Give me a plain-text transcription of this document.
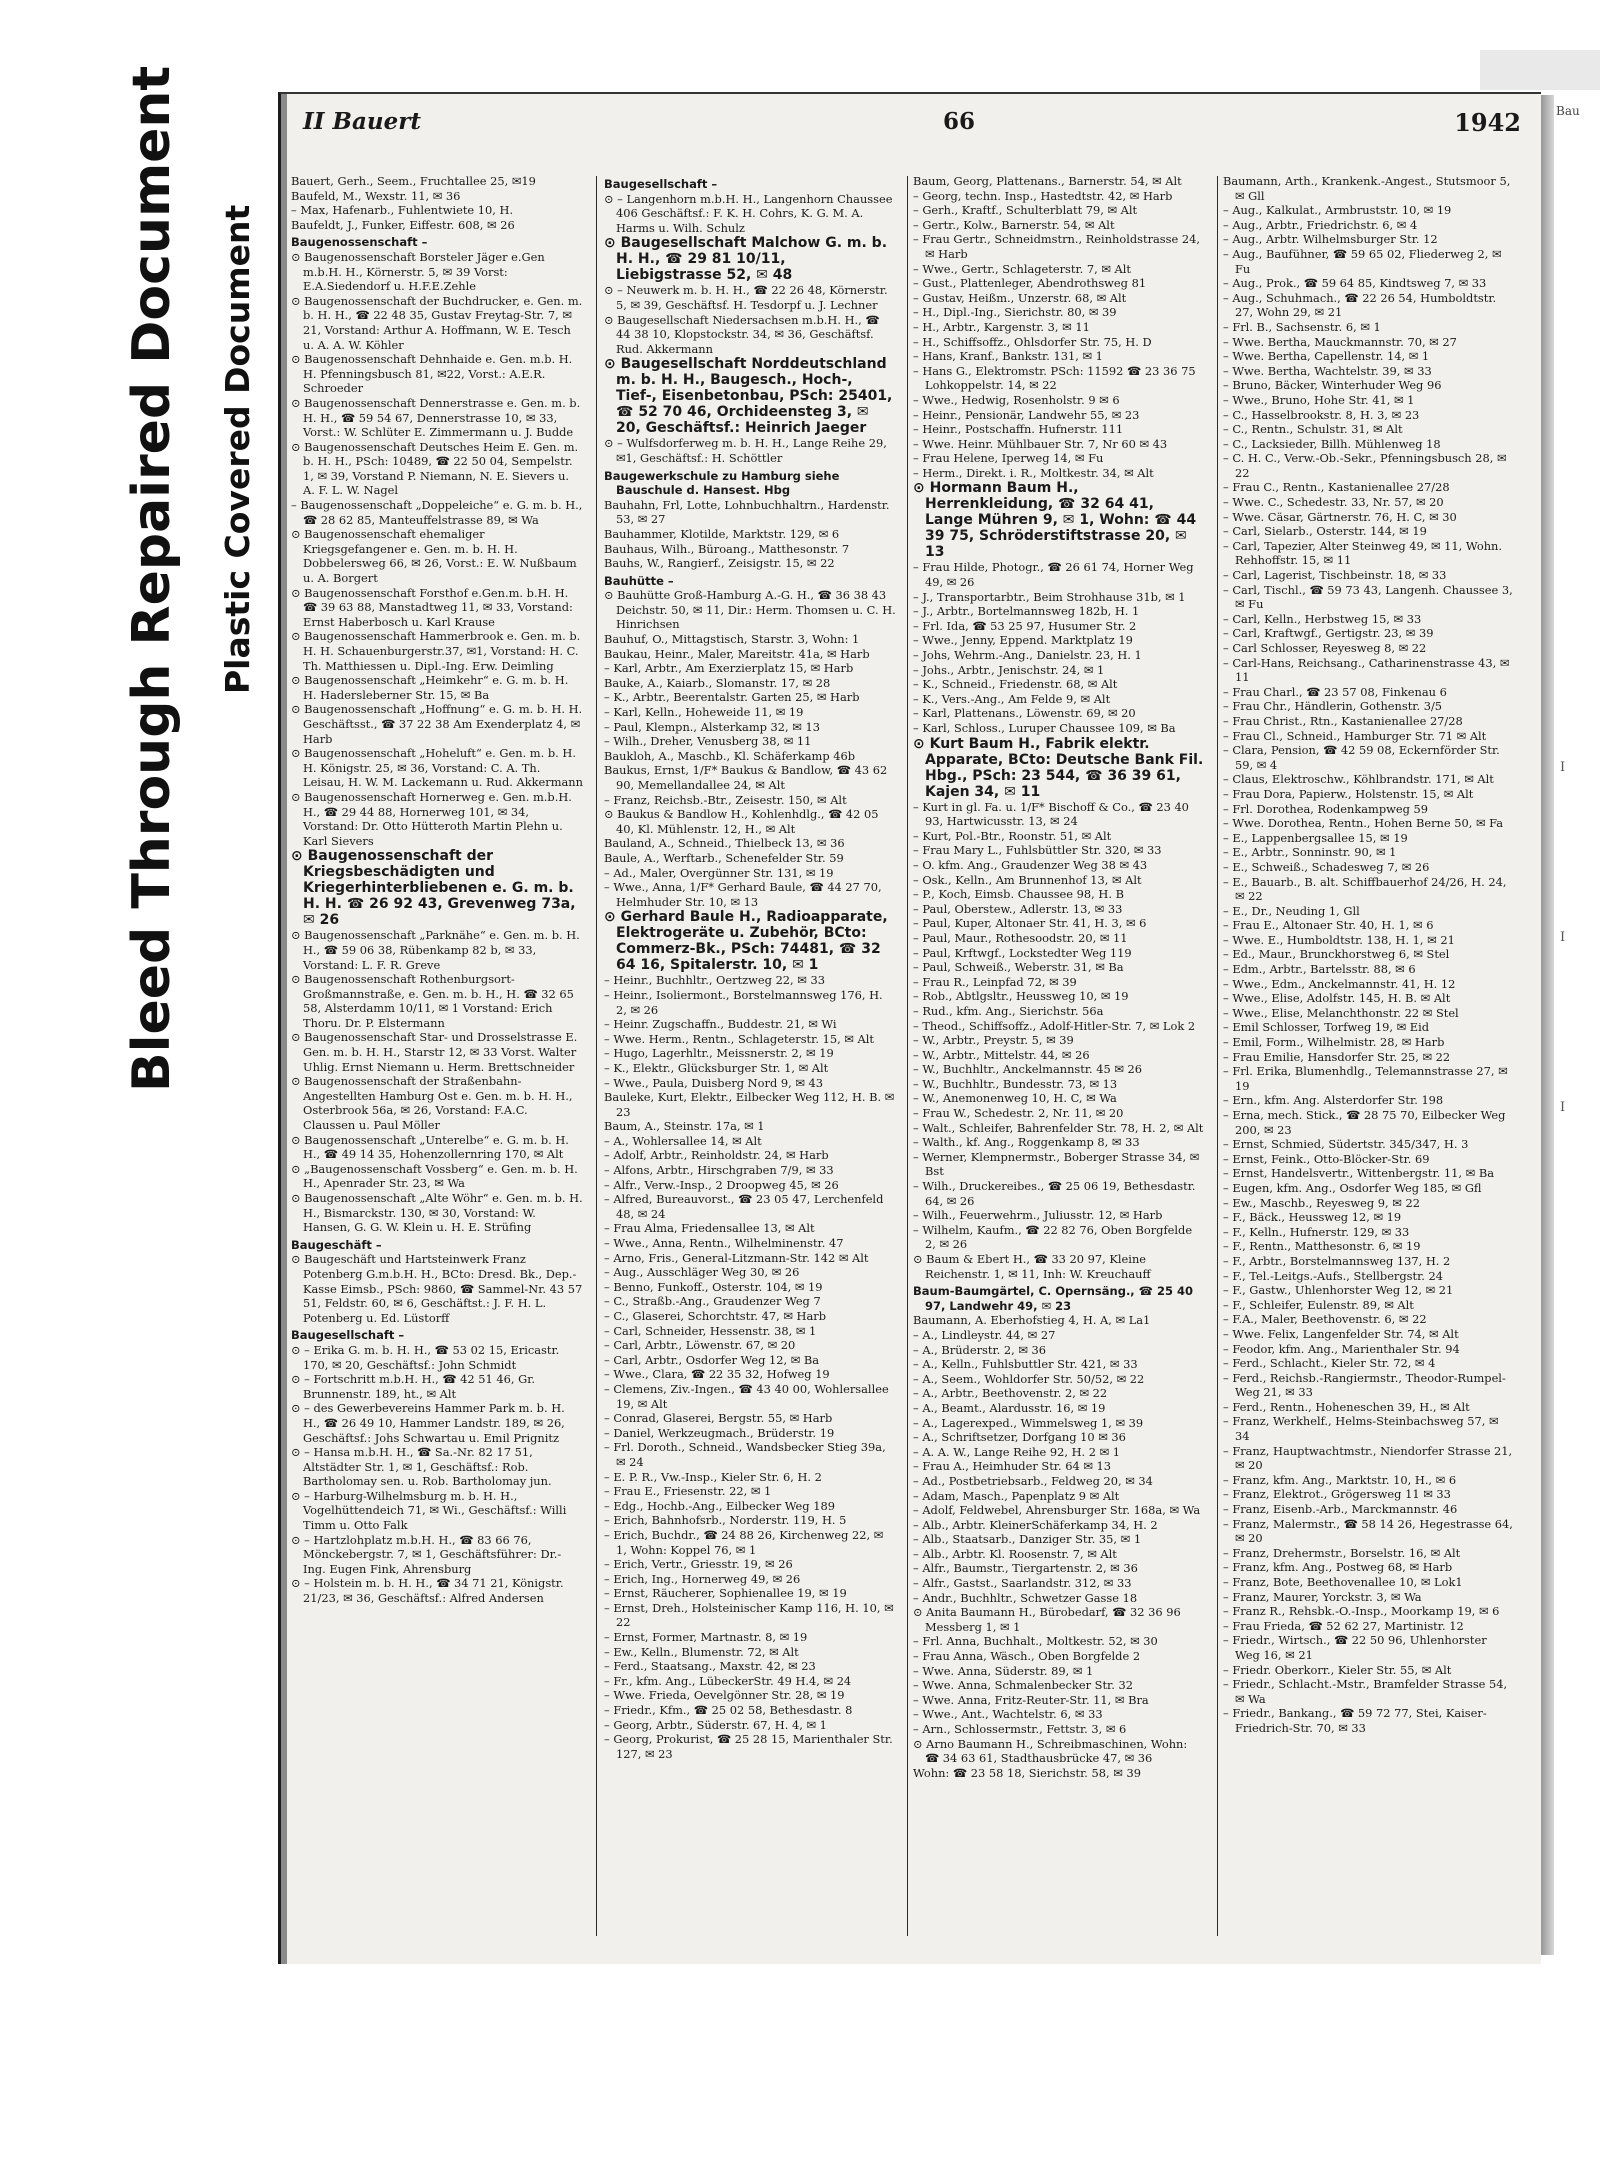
Bleed Through Repaired Document Plastic Covered Document
Bau
I
I
I
II Bauert	66	1942

Bauert, Gerh., Seem., Fruchtallee 25, ✉19

Baufeld, M., Wexstr. 11, ✉ 36

– Max, Hafenarb., Fuhlentwiete 10, H.

Baufeldt, J., Funker, Eiffestr. 608, ✉ 26

Baugenossenschaft –

⊙ Baugenossenschaft Borsteler Jäger e.Gen m.b.H. H., Körnerstr. 5, ✉ 39 Vorst: E.A.Siedendorf u. H.F.E.Zehle

⊙ Baugenossenschaft der Buchdrucker, e. Gen. m. b. H. H., ☎ 22 48 35, Gustav Freytag-Str. 7, ✉ 21, Vorstand: Arthur A. Hoffmann, W. E. Tesch u. A. A. W. Köhler

⊙ Baugenossenschaft Dehnhaide e. Gen. m.b. H. H. Pfenningsbusch 81, ✉22, Vorst.: A.E.R. Schroeder

⊙ Baugenossenschaft Dennerstrasse e. Gen. m. b. H. H., ☎ 59 54 67, Dennerstrasse 10, ✉ 33, Vorst.: W. Schlüter E. Zimmermann u. J. Budde

⊙ Baugenossenschaft Deutsches Heim E. Gen. m. b. H. H., PSch: 10489, ☎ 22 50 04, Sempelstr. 1, ✉ 39, Vorstand P. Niemann, N. E. Sievers u. A. F. L. W. Nagel

– Baugenossenschaft „Doppeleiche“ e. G. m. b. H., ☎ 28 62 85, Manteuffelstrasse 89, ✉ Wa

⊙ Baugenossenschaft ehemaliger Kriegsgefangener e. Gen. m. b. H. H. Dobbelersweg 66, ✉ 26, Vorst.: E. W. Nußbaum u. A. Borgert

⊙ Baugenossenschaft Forsthof e.Gen.m. b.H. H. ☎ 39 63 88, Manstadtweg 11, ✉ 33, Vorstand: Ernst Haberbosch u. Karl Krause

⊙ Baugenossenschaft Hammerbrook e. Gen. m. b. H. H. Schauenburgerstr.37, ✉1, Vorstand: H. C. Th. Matthiessen u. Dipl.-Ing. Erw. Deimling

⊙ Baugenossenschaft „Heimkehr“ e. G. m. b. H. H. Hadersleberner Str. 15, ✉ Ba

⊙ Baugenossenschaft „Hoffnung“ e. G. m. b. H. H. Geschäftsst., ☎ 37 22 38 Am Exenderplatz 4, ✉ Harb

⊙ Baugenossenschaft „Hoheluft“ e. Gen. m. b. H. H. Königstr. 25, ✉ 36, Vorstand: C. A. Th. Leisau, H. W. M. Lackemann u. Rud. Akkermann

⊙ Baugenossenschaft Hornerweg e. Gen. m.b.H. H., ☎ 29 44 88, Hornerweg 101, ✉ 34, Vorstand: Dr. Otto Hütteroth Martin Plehn u. Karl Sievers

⊙ Baugenossenschaft der Kriegsbeschädigten und Kriegerhinterbliebenen e. G. m. b. H. H. ☎ 26 92 43, Grevenweg 73a, ✉ 26

⊙ Baugenossenschaft „Parknähe“ e. Gen. m. b. H. H., ☎ 59 06 38, Rübenkamp 82 b, ✉ 33, Vorstand: L. F. R. Greve

⊙ Baugenossenschaft Rothenburgsort-Großmannstraße, e. Gen. m. b. H., H. ☎ 32 65 58, Alsterdamm 10/11, ✉ 1 Vorstand: Erich Thoru. Dr. P. Elstermann

⊙ Baugenossenschaft Star- und Drosselstrasse E. Gen. m. b. H. H., Starstr 12, ✉ 33 Vorst. Walter Uhlig. Ernst Niemann u. Herm. Brettschneider

⊙ Baugenossenschaft der Straßenbahn-Angestellten Hamburg Ost e. Gen. m. b. H. H., Osterbrook 56a, ✉ 26, Vorstand: F.A.C. Claussen u. Paul Möller

⊙ Baugenossenschaft „Unterelbe“ e. G. m. b. H. H., ☎ 49 14 35, Hohenzollernring 170, ✉ Alt

⊙ „Baugenossenschaft Vossberg“ e. Gen. m. b. H. H., Apenrader Str. 23, ✉ Wa

⊙ Baugenossenschaft „Alte Wöhr“ e. Gen. m. b. H. H., Bismarckstr. 130, ✉ 30, Vorstand: W. Hansen, G. G. W. Klein u. H. E. Strüfing

Baugeschäft –

⊙ Baugeschäft und Hartsteinwerk Franz Potenberg G.m.b.H. H., BCto: Dresd. Bk., Dep.-Kasse Eimsb., PSch: 9860, ☎ Sammel-Nr. 43 57 51, Feldstr. 60, ✉ 6, Geschäftst.: J. F. H. L. Potenberg u. Ed. Lüstorff

Baugesellschaft –

⊙ – Erika G. m. b. H. H., ☎ 53 02 15, Ericastr. 170, ✉ 20, Geschäftsf.: John Schmidt

⊙ – Fortschritt m.b.H. H., ☎ 42 51 46, Gr. Brunnenstr. 189, ht., ✉ Alt

⊙ – des Gewerbevereins Hammer Park m. b. H. H., ☎ 26 49 10, Hammer Landstr. 189, ✉ 26, Geschäftsf.: Johs Schwartau u. Emil Prignitz

⊙ – Hansa m.b.H. H., ☎ Sa.-Nr. 82 17 51, Altstädter Str. 1, ✉ 1, Geschäftsf.: Rob. Bartholomay sen. u. Rob. Bartholomay jun.

⊙ – Harburg-Wilhelmsburg m. b. H. H., Vogelhüttendeich 71, ✉ Wi., Geschäftsf.: Willi Timm u. Otto Falk

⊙ – Hartzlohplatz m.b.H. H., ☎ 83 66 76, Mönckebergstr. 7, ✉ 1, Geschäftsführer: Dr.-Ing. Eugen Fink, Ahrensburg

⊙ – Holstein m. b. H. H., ☎ 34 71 21, Königstr. 21/23, ✉ 36, Geschäftsf.: Alfred Andersen

Baugesellschaft –

⊙ – Langenhorn m.b.H. H., Langenhorn Chaussee 406 Geschäftsf.: F. K. H. Cohrs, K. G. M. A. Harms u. Wilh. Schulz

⊙ Baugesellschaft Malchow G. m. b. H. H., ☎ 29 81 10/11, Liebigstrasse 52, ✉ 48

⊙ – Neuwerk m. b. H. H., ☎ 22 26 48, Körnerstr. 5, ✉ 39, Geschäftsf. H. Tesdorpf u. J. Lechner

⊙ Baugesellschaft Niedersachsen m.b.H. H., ☎ 44 38 10, Klopstockstr. 34, ✉ 36, Geschäftsf. Rud. Akkermann

⊙ Baugesellschaft Norddeutschland m. b. H. H., Baugesch., Hoch-, Tief-, Eisenbetonbau, PSch: 25401, ☎ 52 70 46, Orchideensteg 3, ✉ 20, Geschäftsf.: Heinrich Jaeger

⊙ – Wulfsdorferweg m. b. H. H., Lange Reihe 29, ✉1, Geschäftsf.: H. Schöttler

Baugewerkschule zu Hamburg siehe Bauschule d. Hansest. Hbg

Bauhahn, Frl, Lotte, Lohnbuchhaltrn., Hardenstr. 53, ✉ 27

Bauhammer, Klotilde, Marktstr. 129, ✉ 6

Bauhaus, Wilh., Büroang., Matthesonstr. 7

Bauhs, W., Rangierf., Zeisigstr. 15, ✉ 22

Bauhütte –

⊙ Bauhütte Groß-Hamburg A.-G. H., ☎ 36 38 43 Deichstr. 50, ✉ 11, Dir.: Herm. Thomsen u. C. H. Hinrichsen

Bauhuf, O., Mittagstisch, Starstr. 3, Wohn: 1

Baukau, Heinr., Maler, Mareitstr. 41a, ✉ Harb

– Karl, Arbtr., Am Exerzierplatz 15, ✉ Harb

Bauke, A., Kaiarb., Slomanstr. 17, ✉ 28

– K., Arbtr., Beerentalstr. Garten 25, ✉ Harb

– Karl, Kelln., Hoheweide 11, ✉ 19

– Paul, Klempn., Alsterkamp 32, ✉ 13

– Wilh., Dreher, Venusberg 38, ✉ 11

Baukloh, A., Maschb., Kl. Schäferkamp 46b

Baukus, Ernst, 1/F* Baukus & Bandlow, ☎ 43 62 90, Memellandallee 24, ✉ Alt

– Franz, Reichsb.-Btr., Zeisestr. 150, ✉ Alt

⊙ Baukus & Bandlow H., Kohlenhdlg., ☎ 42 05 40, Kl. Mühlenstr. 12, H., ✉ Alt

Bauland, A., Schneid., Thielbeck 13, ✉ 36

Baule, A., Werftarb., Schenefelder Str. 59

– Ad., Maler, Overgünner Str. 131, ✉ 19

– Wwe., Anna, 1/F* Gerhard Baule, ☎ 44 27 70, Helmhuder Str. 10, ✉ 13

⊙ Gerhard Baule H., Radioapparate, Elektrogeräte u. Zubehör, BCto: Commerz-Bk., PSch: 74481, ☎ 32 64 16, Spitalerstr. 10, ✉ 1

– Heinr., Buchhltr., Oertzweg 22, ✉ 33

– Heinr., Isoliermont., Borstelmannsweg 176, H. 2, ✉ 26

– Heinr. Zugschaffn., Buddestr. 21, ✉ Wi

– Wwe. Herm., Rentn., Schlageterstr. 15, ✉ Alt

– Hugo, Lagerhltr., Meissnerstr. 2, ✉ 19

– K., Elektr., Glücksburger Str. 1, ✉ Alt

– Wwe., Paula, Duisberg Nord 9, ✉ 43

Bauleke, Kurt, Elektr., Eilbecker Weg 112, H. B. ✉ 23

Baum, A., Steinstr. 17a, ✉ 1

– A., Wohlersallee 14, ✉ Alt

– Adolf, Arbtr., Reinholdstr. 24, ✉ Harb

– Alfons, Arbtr., Hirschgraben 7/9, ✉ 33

– Alfr., Verw.-Insp., 2 Droopweg 45, ✉ 26

– Alfred, Bureauvorst., ☎ 23 05 47, Lerchenfeld 48, ✉ 24

– Frau Alma, Friedensallee 13, ✉ Alt

– Wwe., Anna, Rentn., Wilhelminenstr. 47

– Arno, Fris., General-Litzmann-Str. 142 ✉ Alt

– Aug., Ausschläger Weg 30, ✉ 26

– Benno, Funkoff., Osterstr. 104, ✉ 19

– C., Straßb.-Ang., Graudenzer Weg 7

– C., Glaserei, Schorchtstr. 47, ✉ Harb

– Carl, Schneider, Hessenstr. 38, ✉ 1

– Carl, Arbtr., Löwenstr. 67, ✉ 20

– Carl, Arbtr., Osdorfer Weg 12, ✉ Ba

– Wwe., Clara, ☎ 22 35 32, Hofweg 19

– Clemens, Ziv.-Ingen., ☎ 43 40 00, Wohlersallee 19, ✉ Alt

– Conrad, Glaserei, Bergstr. 55, ✉ Harb

– Daniel, Werkzeugmach., Brüderstr. 19

– Frl. Doroth., Schneid., Wandsbecker Stieg 39a, ✉ 24

– E. P. R., Vw.-Insp., Kieler Str. 6, H. 2

– Frau E., Friesenstr. 22, ✉ 1

– Edg., Hochb.-Ang., Eilbecker Weg 189

– Erich, Bahnhofsrb., Norderstr. 119, H. 5

– Erich, Buchdr., ☎ 24 88 26, Kirchenweg 22, ✉ 1, Wohn: Koppel 76, ✉ 1

– Erich, Vertr., Griesstr. 19, ✉ 26

– Erich, Ing., Hornerweg 49, ✉ 26

– Ernst, Räucherer, Sophienallee 19, ✉ 19

– Ernst, Dreh., Holsteinischer Kamp 116, H. 10, ✉ 22

– Ernst, Former, Martnastr. 8, ✉ 19

– Ew., Kelln., Blumenstr. 72, ✉ Alt

– Ferd., Staatsang., Maxstr. 42, ✉ 23

– Fr., kfm. Ang., LübeckerStr. 49 H.4, ✉ 24

– Wwe. Frieda, Oevelgönner Str. 28, ✉ 19

– Friedr., Kfm., ☎ 25 02 58, Bethesdastr. 8

– Georg, Arbtr., Süderstr. 67, H. 4, ✉ 1

– Georg, Prokurist, ☎ 25 28 15, Marienthaler Str. 127, ✉ 23

Baum, Georg, Plattenans., Barnerstr. 54, ✉ Alt

– Georg, techn. Insp., Hastedtstr. 42, ✉ Harb

– Gerh., Kraftf., Schulterblatt 79, ✉ Alt

– Gertr., Kolw., Barnerstr. 54, ✉ Alt

– Frau Gertr., Schneidmstrn., Reinholdstrasse 24, ✉ Harb

– Wwe., Gertr., Schlageterstr. 7, ✉ Alt

– Gust., Plattenleger, Abendrothsweg 81

– Gustav, Heißm., Unzerstr. 68, ✉ Alt

– H., Dipl.-Ing., Sierichstr. 80, ✉ 39

– H., Arbtr., Kargenstr. 3, ✉ 11

– H., Schiffsoffz., Ohlsdorfer Str. 75, H. D

– Hans, Kranf., Bankstr. 131, ✉ 1

– Hans G., Elektromstr. PSch: 11592 ☎ 23 36 75 Lohkoppelstr. 14, ✉ 22

– Wwe., Hedwig, Rosenholstr. 9 ✉ 6

– Heinr., Pensionär, Landwehr 55, ✉ 23

– Heinr., Postschaffn. Hufnerstr. 111

– Wwe. Heinr. Mühlbauer Str. 7, Nr 60 ✉ 43

– Frau Helene, Iperweg 14, ✉ Fu

– Herm., Direkt. i. R., Moltkestr. 34, ✉ Alt

⊙ Hormann Baum H., Herrenkleidung, ☎ 32 64 41, Lange Mühren 9, ✉ 1, Wohn: ☎ 44 39 75, Schröderstiftstrasse 20, ✉ 13

– Frau Hilde, Photogr., ☎ 26 61 74, Horner Weg 49, ✉ 26

– J., Transportarbtr., Beim Strohhause 31b, ✉ 1

– J., Arbtr., Bortelmannsweg 182b, H. 1

– Frl. Ida, ☎ 53 25 97, Husumer Str. 2

– Wwe., Jenny, Eppend. Marktplatz 19

– Johs, Wehrm.-Ang., Danielstr. 23, H. 1

– Johs., Arbtr., Jenischstr. 24, ✉ 1

– K., Schneid., Friedenstr. 68, ✉ Alt

– K., Vers.-Ang., Am Felde 9, ✉ Alt

– Karl, Plattenans., Löwenstr. 69, ✉ 20

– Karl, Schloss., Luruper Chaussee 109, ✉ Ba

⊙ Kurt Baum H., Fabrik elektr. Apparate, BCto: Deutsche Bank Fil. Hbg., PSch: 23 544, ☎ 36 39 61, Kajen 34, ✉ 11

– Kurt in gl. Fa. u. 1/F* Bischoff & Co., ☎ 23 40 93, Hartwicusstr. 13, ✉ 24

– Kurt, Pol.-Btr., Roonstr. 51, ✉ Alt

– Frau Mary L., Fuhlsbüttler Str. 320, ✉ 33

– O. kfm. Ang., Graudenzer Weg 38 ✉ 43

– Osk., Kelln., Am Brunnenhof 13, ✉ Alt

– P., Koch, Eimsb. Chaussee 98, H. B

– Paul, Oberstew., Adlerstr. 13, ✉ 33

– Paul, Kuper, Altonaer Str. 41, H. 3, ✉ 6

– Paul, Maur., Rothesoodstr. 20, ✉ 11

– Paul, Krftwgf., Lockstedter Weg 119

– Paul, Schweiß., Weberstr. 31, ✉ Ba

– Frau R., Leinpfad 72, ✉ 39

– Rob., Abtlgsltr., Heussweg 10, ✉ 19

– Rud., kfm. Ang., Sierichstr. 56a

– Theod., Schiffsoffz., Adolf-Hitler-Str. 7, ✉ Lok 2

– W., Arbtr., Preystr. 5, ✉ 39

– W., Arbtr., Mittelstr. 44, ✉ 26

– W., Buchhltr., Anckelmannstr. 45 ✉ 26

– W., Buchhltr., Bundesstr. 73, ✉ 13

– W., Anemonenweg 10, H. C, ✉ Wa

– Frau W., Schedestr. 2, Nr. 11, ✉ 20

– Walt., Schleifer, Bahrenfelder Str. 78, H. 2, ✉ Alt

– Walth., kf. Ang., Roggenkamp 8, ✉ 33

– Werner, Klempnermstr., Boberger Strasse 34, ✉ Bst

– Wilh., Druckereibes., ☎ 25 06 19, Bethesdastr. 64, ✉ 26

– Wilh., Feuerwehrm., Juliusstr. 12, ✉ Harb

– Wilhelm, Kaufm., ☎ 22 82 76, Oben Borgfelde 2, ✉ 26

⊙ Baum & Ebert H., ☎ 33 20 97, Kleine Reichenstr. 1, ✉ 11, Inh: W. Kreuchauff

Baum-Baumgärtel, C. Opernsäng., ☎ 25 40 97, Landwehr 49, ✉ 23

Baumann, A. Eberhofstieg 4, H. A, ✉ La1

– A., Lindleystr. 44, ✉ 27

– A., Brüderstr. 2, ✉ 36

– A., Kelln., Fuhlsbuttler Str. 421, ✉ 33

– A., Seem., Wohldorfer Str. 50/52, ✉ 22

– A., Arbtr., Beethovenstr. 2, ✉ 22

– A., Beamt., Alardusstr. 16, ✉ 19

– A., Lagerexped., Wimmelsweg 1, ✉ 39

– A., Schriftsetzer, Dorfgang 10 ✉ 36

– A. A. W., Lange Reihe 92, H. 2 ✉ 1

– Frau A., Heimhuder Str. 64 ✉ 13

– Ad., Postbetriebsarb., Feldweg 20, ✉ 34

– Adam, Masch., Papenplatz 9 ✉ Alt

– Adolf, Feldwebel, Ahrensburger Str. 168a, ✉ Wa

– Alb., Arbtr. KleinerSchäferkamp 34, H. 2

– Alb., Staatsarb., Danziger Str. 35, ✉ 1

– Alb., Arbtr. Kl. Roosenstr. 7, ✉ Alt

– Alfr., Baumstr., Tiergartenstr. 2, ✉ 36

– Alfr., Gastst., Saarlandstr. 312, ✉ 33

– Andr., Buchhltr., Schwetzer Gasse 18

⊙ Anita Baumann H., Bürobedarf, ☎ 32 36 96 Messberg 1, ✉ 1

– Frl. Anna, Buchhalt., Moltkestr. 52, ✉ 30

– Frau Anna, Wäsch., Oben Borgfelde 2

– Wwe. Anna, Süderstr. 89, ✉ 1

– Wwe. Anna, Schmalenbecker Str. 32

– Wwe. Anna, Fritz-Reuter-Str. 11, ✉ Bra

– Wwe., Ant., Wachtelstr. 6, ✉ 33

– Arn., Schlossermstr., Fettstr. 3, ✉ 6

⊙ Arno Baumann H., Schreibmaschinen, Wohn: ☎ 34 63 61, Stadthausbrücke 47, ✉ 36

Wohn: ☎ 23 58 18, Sierichstr. 58, ✉ 39

Baumann, Arth., Krankenk.-Angest., Stutsmoor 5, ✉ Gll

– Aug., Kalkulat., Armbruststr. 10, ✉ 19

– Aug., Arbtr., Friedrichstr. 6, ✉ 4

– Aug., Arbtr. Wilhelmsburger Str. 12

– Aug., Baufühner, ☎ 59 65 02, Fliederweg 2, ✉ Fu

– Aug., Prok., ☎ 59 64 85, Kindtsweg 7, ✉ 33

– Aug., Schuhmach., ☎ 22 26 54, Humboldtstr. 27, Wohn 29, ✉ 21

– Frl. B., Sachsenstr. 6, ✉ 1

– Wwe. Bertha, Mauckmannstr. 70, ✉ 27

– Wwe. Bertha, Capellenstr. 14, ✉ 1

– Wwe. Bertha, Wachtelstr. 39, ✉ 33

– Bruno, Bäcker, Winterhuder Weg 96

– Wwe., Bruno, Hohe Str. 41, ✉ 1

– C., Hasselbrookstr. 8, H. 3, ✉ 23

– C., Rentn., Schulstr. 31, ✉ Alt

– C., Lacksieder, Billh. Mühlenweg 18

– C. H. C., Verw.-Ob.-Sekr., Pfenningsbusch 28, ✉ 22

– Frau C., Rentn., Kastanienallee 27/28

– Wwe. C., Schedestr. 33, Nr. 57, ✉ 20

– Wwe. Cäsar, Gärtnerstr. 76, H. C, ✉ 30

– Carl, Sielarb., Osterstr. 144, ✉ 19

– Carl, Tapezier, Alter Steinweg 49, ✉ 11, Wohn. Rehhoffstr. 15, ✉ 11

– Carl, Lagerist, Tischbeinstr. 18, ✉ 33

– Carl, Tischl., ☎ 59 73 43, Langenh. Chaussee 3, ✉ Fu

– Carl, Kelln., Herbstweg 15, ✉ 33

– Carl, Kraftwgf., Gertigstr. 23, ✉ 39

– Carl Schlosser, Reyesweg 8, ✉ 22

– Carl-Hans, Reichsang., Catharinenstrasse 43, ✉ 11

– Frau Charl., ☎ 23 57 08, Finkenau 6

– Frau Chr., Händlerin, Gothenstr. 3/5

– Frau Christ., Rtn., Kastanienallee 27/28

– Frau Cl., Schneid., Hamburger Str. 71 ✉ Alt

– Clara, Pension, ☎ 42 59 08, Eckernförder Str. 59, ✉ 4

– Claus, Elektroschw., Köhlbrandstr. 171, ✉ Alt

– Frau Dora, Papierw., Holstenstr. 15, ✉ Alt

– Frl. Dorothea, Rodenkampweg 59

– Wwe. Dorothea, Rentn., Hohen Berne 50, ✉ Fa

– E., Lappenbergsallee 15, ✉ 19

– E., Arbtr., Sonninstr. 90, ✉ 1

– E., Schweiß., Schadesweg 7, ✉ 26

– E., Bauarb., B. alt. Schiffbauerhof 24/26, H. 24, ✉ 22

– E., Dr., Neuding 1, Gll

– Frau E., Altonaer Str. 40, H. 1, ✉ 6

– Wwe. E., Humboldtstr. 138, H. 1, ✉ 21

– Ed., Maur., Brunckhorstweg 6, ✉ Stel

– Edm., Arbtr., Bartelsstr. 88, ✉ 6

– Wwe., Edm., Anckelmannstr. 41, H. 12

– Wwe., Elise, Adolfstr. 145, H. B. ✉ Alt

– Wwe., Elise, Melanchthonstr. 22 ✉ Stel

– Emil Schlosser, Torfweg 19, ✉ Eid

– Emil, Form., Wilhelmistr. 28, ✉ Harb

– Frau Emilie, Hansdorfer Str. 25, ✉ 22

– Frl. Erika, Blumenhdlg., Telemannstrasse 27, ✉ 19

– Ern., kfm. Ang. Alsterdorfer Str. 198

– Erna, mech. Stick., ☎ 28 75 70, Eilbecker Weg 200, ✉ 23

– Ernst, Schmied, Südertstr. 345/347, H. 3

– Ernst, Feink., Otto-Blöcker-Str. 69

– Ernst, Handelsvertr., Wittenbergstr. 11, ✉ Ba

– Eugen, kfm. Ang., Osdorfer Weg 185, ✉ Gfl

– Ew., Maschb., Reyesweg 9, ✉ 22

– F., Bäck., Heussweg 12, ✉ 19

– F., Kelln., Hufnerstr. 129, ✉ 33

– F., Rentn., Matthesonstr. 6, ✉ 19

– F., Arbtr., Borstelmannsweg 137, H. 2

– F., Tel.-Leitgs.-Aufs., Stellbergstr. 24

– F., Gastw., Uhlenhorster Weg 12, ✉ 21

– F., Schleifer, Eulenstr. 89, ✉ Alt

– F.A., Maler, Beethovenstr. 6, ✉ 22

– Wwe. Felix, Langenfelder Str. 74, ✉ Alt

– Feodor, kfm. Ang., Marienthaler Str. 94

– Ferd., Schlacht., Kieler Str. 72, ✉ 4

– Ferd., Reichsb.-Rangiermstr., Theodor-Rumpel-Weg 21, ✉ 33

– Ferd., Rentn., Hoheneschen 39, H., ✉ Alt

– Franz, Werkhelf., Helms-Steinbachsweg 57, ✉ 34

– Franz, Hauptwachtmstr., Niendorfer Strasse 21, ✉ 20

– Franz, kfm. Ang., Marktstr. 10, H., ✉ 6

– Franz, Elektrot., Grögersweg 11 ✉ 33

– Franz, Eisenb.-Arb., Marckmannstr. 46

– Franz, Malermstr., ☎ 58 14 26, Hegestrasse 64, ✉ 20

– Franz, Drehermstr., Borselstr. 16, ✉ Alt

– Franz, kfm. Ang., Postweg 68, ✉ Harb

– Franz, Bote, Beethovenallee 10, ✉ Lok1

– Franz, Maurer, Yorckstr. 3, ✉ Wa

– Franz R., Rehsbk.-O.-Insp., Moorkamp 19, ✉ 6

– Frau Frieda, ☎ 52 62 27, Martinistr. 12

– Friedr., Wirtsch., ☎ 22 50 96, Uhlenhorster Weg 16, ✉ 21

– Friedr. Oberkorr., Kieler Str. 55, ✉ Alt

– Friedr., Schlacht.-Mstr., Bramfelder Strasse 54, ✉ Wa

– Friedr., Bankang., ☎ 59 72 77, Stei, Kaiser-Friedrich-Str. 70, ✉ 33
